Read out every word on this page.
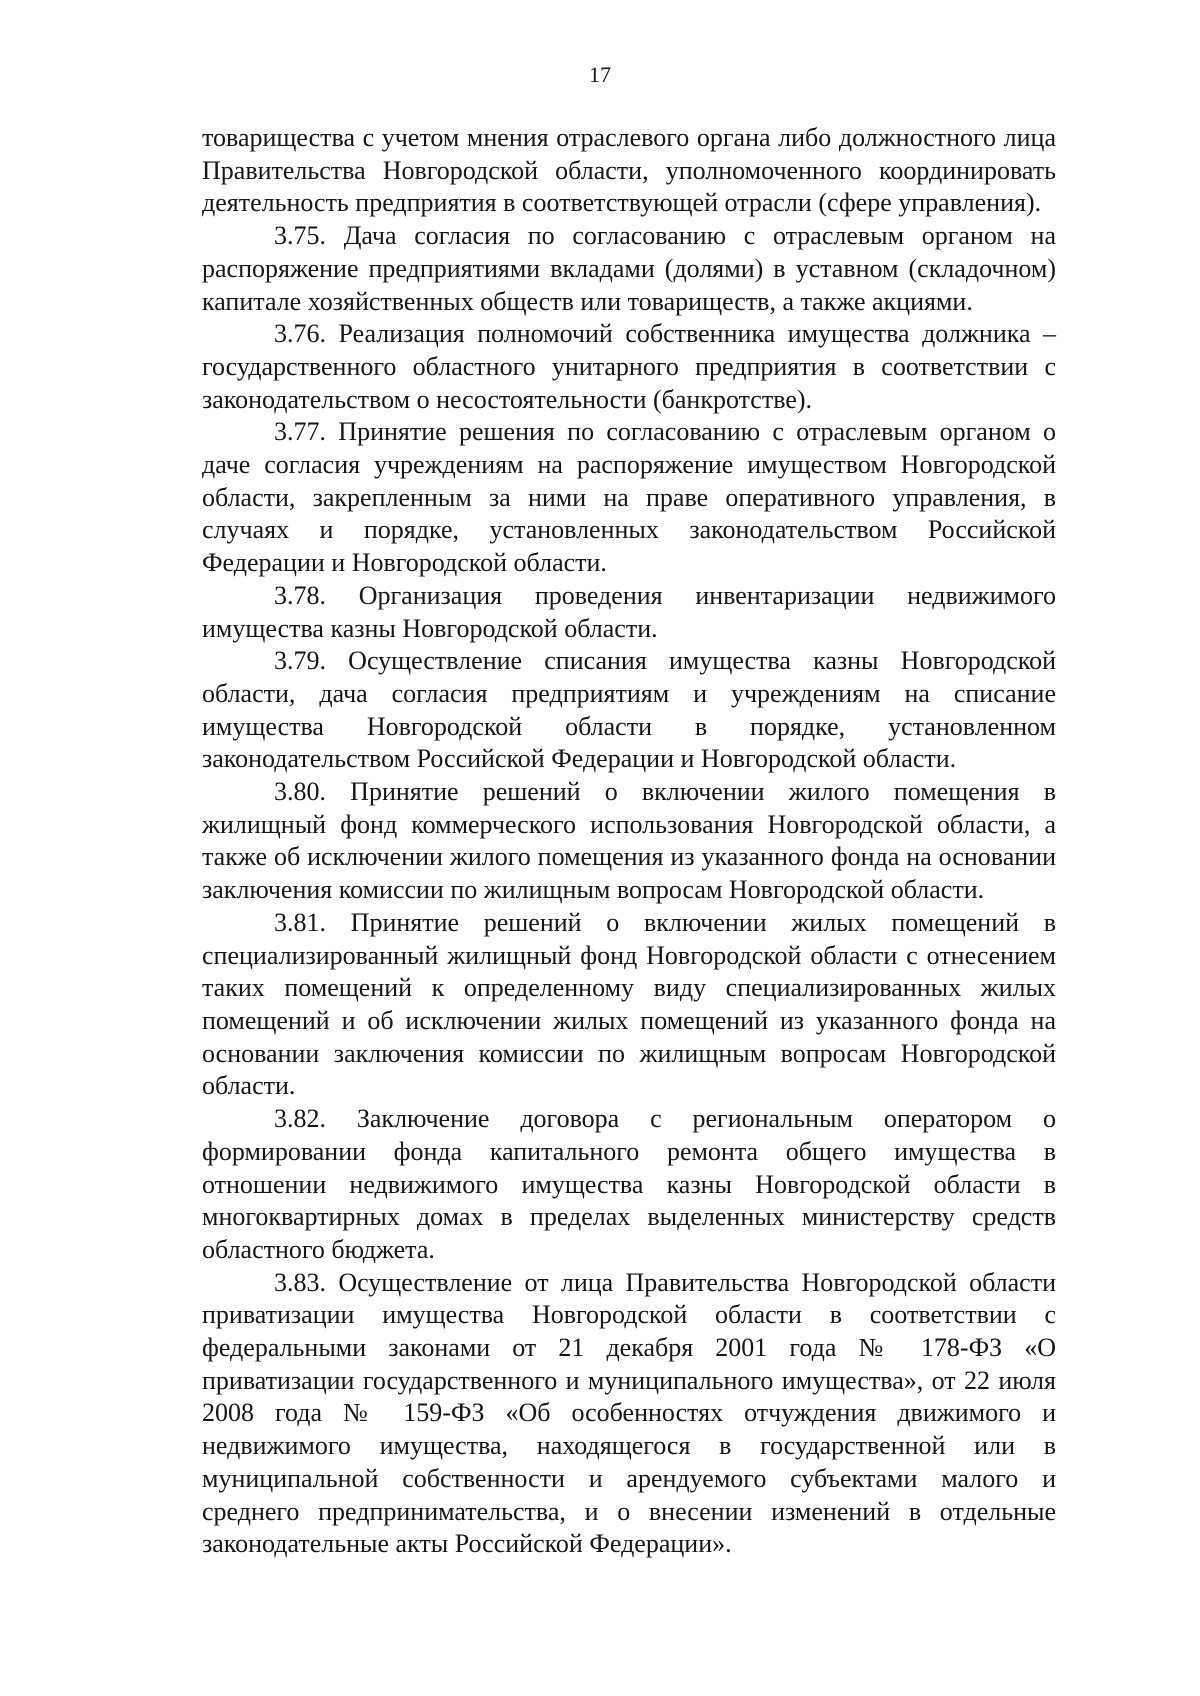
17

товарищества с учетом мнения отраслевого органа либо должностного лица Правительства Новгородской области, уполномоченного координировать деятельность предприятия в соответствующей отрасли (сфере управления).

3.75. Дача согласия по согласованию с отраслевым органом на распоряжение предприятиями вкладами (долями) в уставном (складочном) капитале хозяйственных обществ или товариществ, а также акциями.

3.76. Реализация полномочий собственника имущества должника – государственного областного унитарного предприятия в соответствии с законодательством о несостоятельности (банкротстве).

3.77. Принятие решения по согласованию с отраслевым органом о даче согласия учреждениям на распоряжение имуществом Новгородской области, закрепленным за ними на праве оперативного управления, в случаях и порядке, установленных законодательством Российской Федерации и Новгородской области.

3.78. Организация проведения инвентаризации недвижимого имущества казны Новгородской области.

3.79. Осуществление списания имущества казны Новгородской области, дача согласия предприятиям и учреждениям на списание имущества Новгородской области в порядке, установленном законодательством Российской Федерации и Новгородской области.

3.80. Принятие решений о включении жилого помещения в жилищный фонд коммерческого использования Новгородской области, а также об исключении жилого помещения из указанного фонда на основании заключения комиссии по жилищным вопросам Новгородской области.

3.81. Принятие решений о включении жилых помещений в специализированный жилищный фонд Новгородской области с отнесением таких помещений к определенному виду специализированных жилых помещений и об исключении жилых помещений из указанного фонда на основании заключения комиссии по жилищным вопросам Новгородской области.

3.82. Заключение договора с региональным оператором о формировании фонда капитального ремонта общего имущества в отношении недвижимого имущества казны Новгородской области в многоквартирных домах в пределах выделенных министерству средств областного бюджета.

3.83. Осуществление от лица Правительства Новгородской области приватизации имущества Новгородской области в соответствии с федеральными законами от 21 декабря 2001 года № 178-ФЗ «О приватизации государственного и муниципального имущества», от 22 июля 2008 года № 159-ФЗ «Об особенностях отчуждения движимого и недвижимого имущества, находящегося в государственной или в муниципальной собственности и арендуемого субъектами малого и среднего предпринимательства, и о внесении изменений в отдельные законодательные акты Российской Федерации».
